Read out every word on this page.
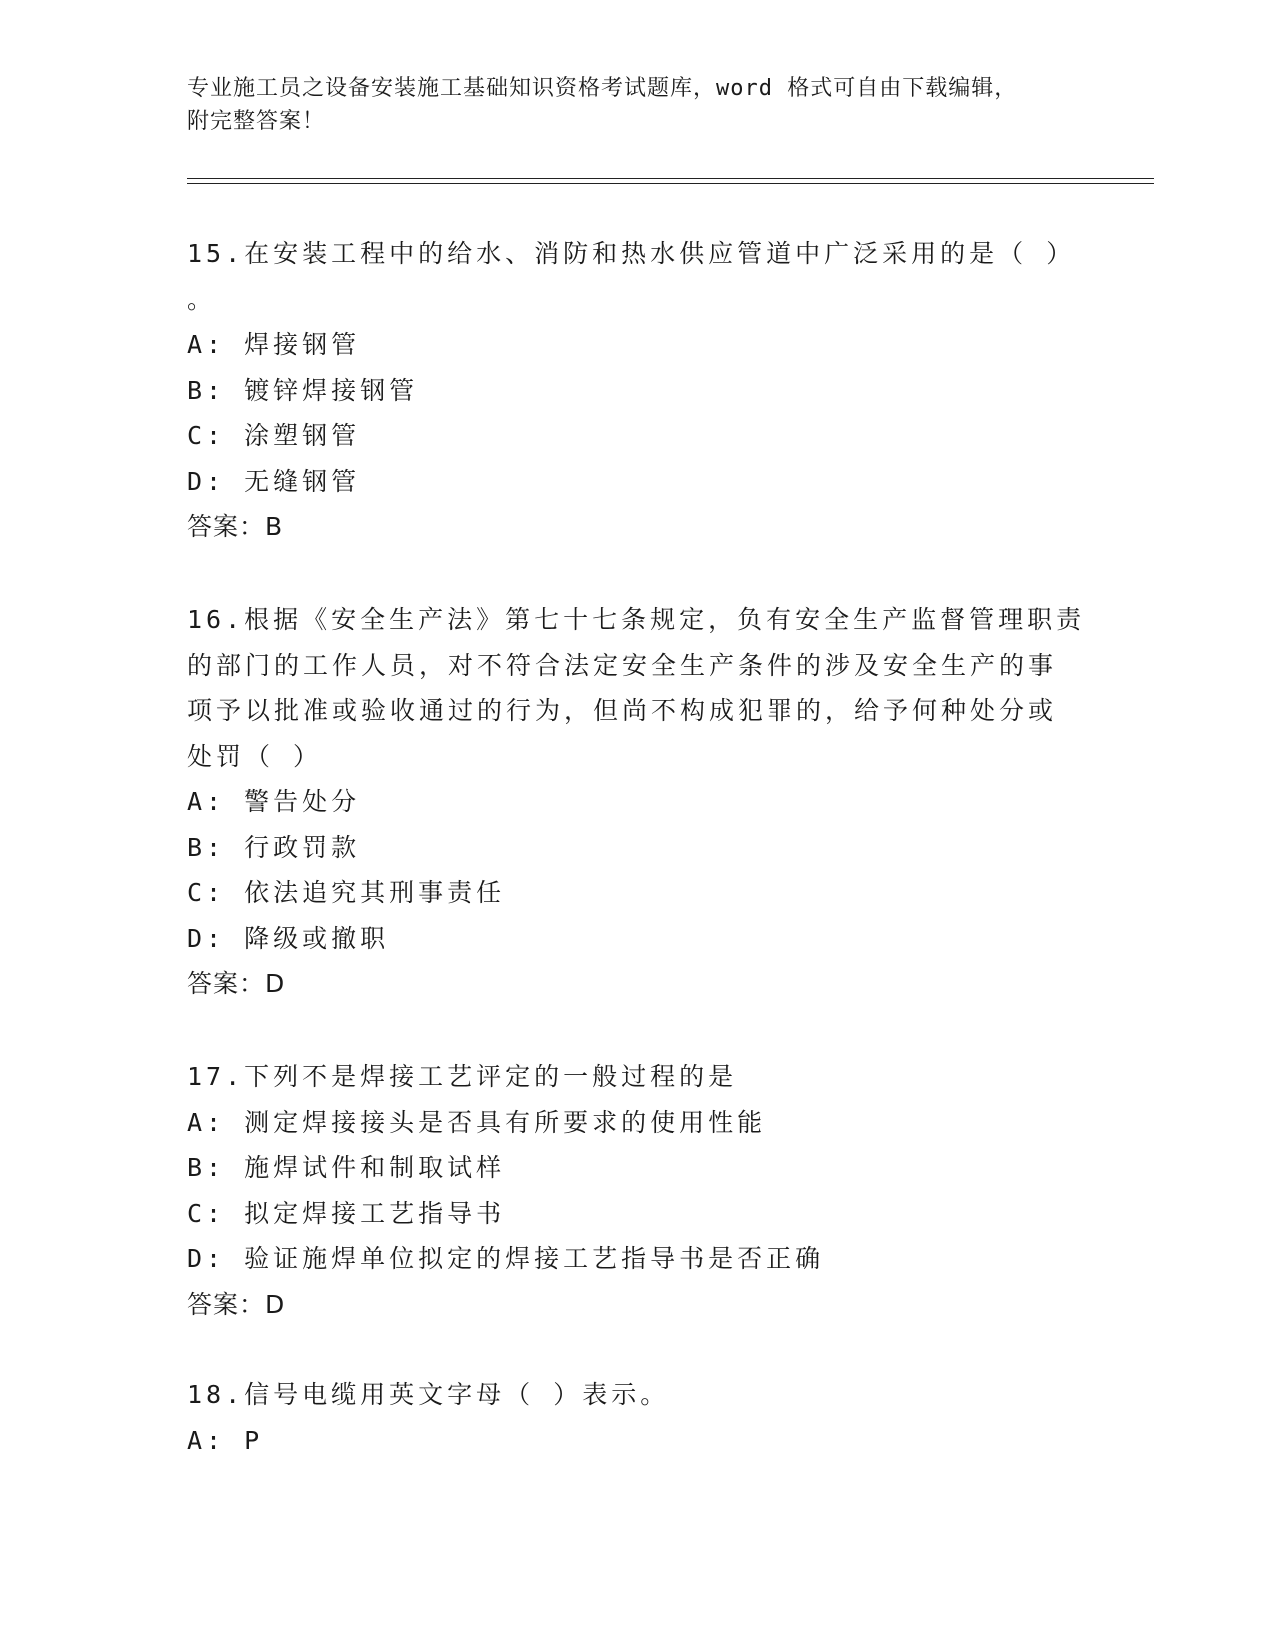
专业施工员之设备安装施工基础知识资格考试题库，word 格式可自由下载编辑，
附完整答案！
15.在安装工程中的给水、消防和热水供应管道中广泛采用的是（ ）
。
A: 焊接钢管
B: 镀锌焊接钢管
C: 涂塑钢管
D: 无缝钢管
答案：B
16.根据《安全生产法》第七十七条规定，负有安全生产监督管理职责
的部门的工作人员，对不符合法定安全生产条件的涉及安全生产的事
项予以批准或验收通过的行为，但尚不构成犯罪的，给予何种处分或
处罚（ ）
A: 警告处分
B: 行政罚款
C: 依法追究其刑事责任
D: 降级或撤职
答案：D
17.下列不是焊接工艺评定的一般过程的是
A: 测定焊接接头是否具有所要求的使用性能
B: 施焊试件和制取试样
C: 拟定焊接工艺指导书
D: 验证施焊单位拟定的焊接工艺指导书是否正确
答案：D
18.信号电缆用英文字母（ ）表示。
A: P
